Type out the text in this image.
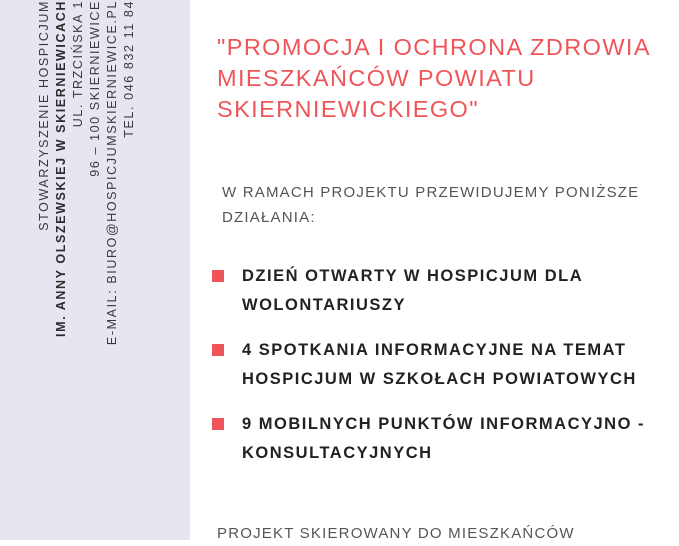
STOWARZYSZENIE HOSPICJUM IM. ANNY OLSZEWSKIEJ W SKIERNIEWICACH UL. TRZCIŃSKA 1 96 – 100 SKIERNIEWICE E-MAIL: BIURO@HOSPICJUMSKIERNIEWICE.PL TEL. 046 832 11 84	"PROMOCJA I OCHRONA ZDROWIA MIESZKAŃCÓW POWIATU SKIERNIEWICKIEGO"
W RAMACH PROJEKTU PRZEWIDUJEMY PONIŻSZE DZIAŁANIA:
DZIEŃ OTWARTY W HOSPICJUM DLA WOLONTARIUSZY
4 SPOTKANIA INFORMACYJNE NA TEMAT HOSPICJUM W SZKOŁACH POWIATOWYCH
9 MOBILNYCH PUNKTÓW INFORMACYJNO -KONSULTACYJNYCH
PROJEKT SKIEROWANY DO MIESZKAŃCÓW
